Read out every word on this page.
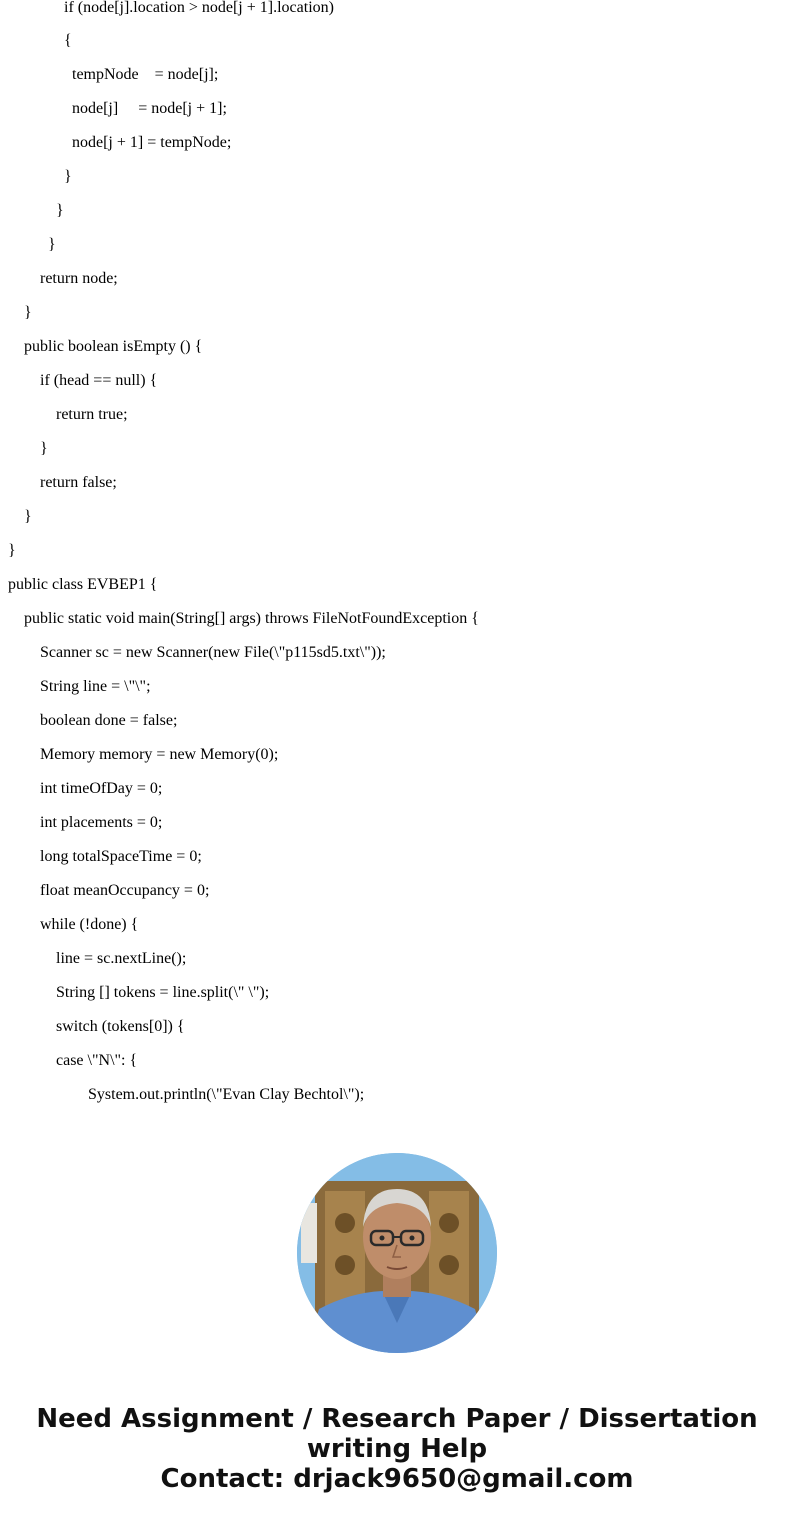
if (node[j].location > node[j + 1].location)
{
tempNode    = node[j];
node[j]     = node[j + 1];
node[j + 1] = tempNode;
}
}
}
return node;
}
public boolean isEmpty () {
if (head == null) {
return true;
}
return false;
}
}
public class EVBEP1 {
public static void main(String[] args) throws FileNotFoundException {
Scanner sc = new Scanner(new File(\"p115sd5.txt\"));
String line = \"\";
boolean done = false;
Memory memory = new Memory(0);
int timeOfDay = 0;
int placements = 0;
long totalSpaceTime = 0;
float meanOccupancy = 0;
while (!done) {
line = sc.nextLine();
String [] tokens = line.split(\" \");
switch (tokens[0]) {
case \"N\": {
System.out.println(\"Evan Clay Bechtol\");
Need Assignment / Research Paper / Dissertation
writing Help
Contact: drjack9650@gmail.com
